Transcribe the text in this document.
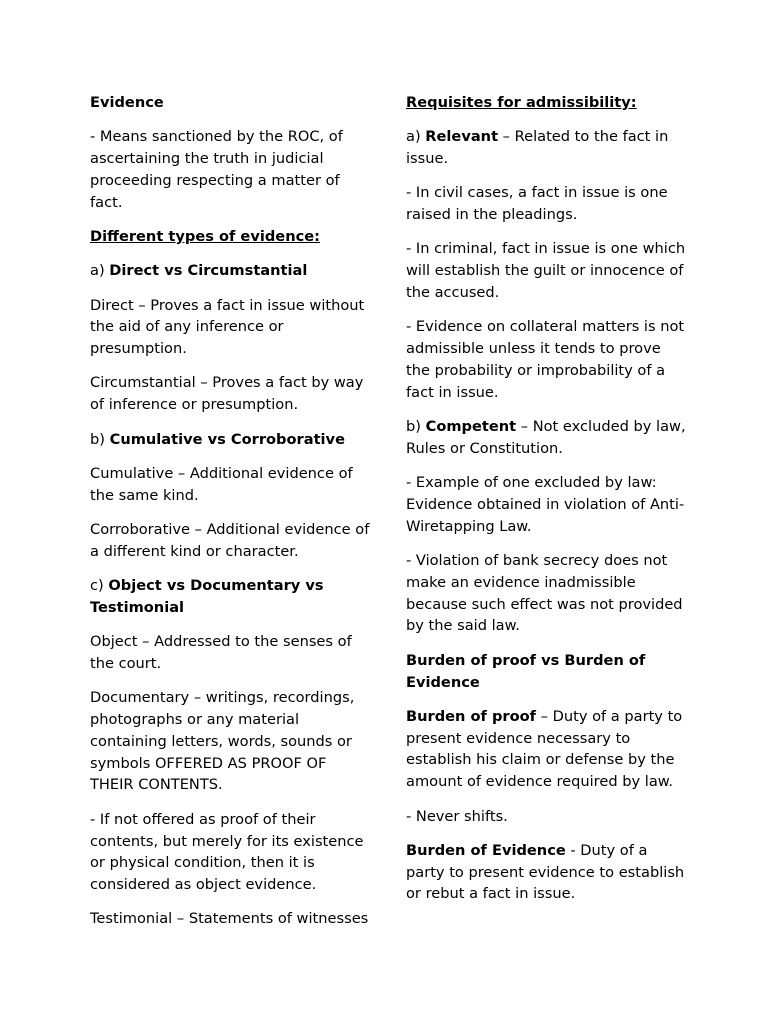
Evidence

- Means sanctioned by the ROC, of ascertaining the truth in judicial proceeding respecting a matter of fact.

Different types of evidence:

a) Direct vs Circumstantial

Direct – Proves a fact in issue without the aid of any inference or presumption.

Circumstantial – Proves a fact by way of inference or presumption.

b) Cumulative vs Corroborative

Cumulative – Additional evidence of the same kind.

Corroborative – Additional evidence of a different kind or character.

c) Object vs Documentary vs Testimonial

Object – Addressed to the senses of the court.

Documentary – writings, recordings, photographs or any material containing letters, words, sounds or symbols OFFERED AS PROOF OF THEIR CONTENTS.

- If not offered as proof of their contents, but merely for its existence or physical condition, then it is considered as object evidence.

Testimonial – Statements of witnesses

Requisites for admissibility:

a) Relevant – Related to the fact in issue.

- In civil cases, a fact in issue is one raised in the pleadings.

- In criminal, fact in issue is one which will establish the guilt or innocence of the accused.

- Evidence on collateral matters is not admissible unless it tends to prove the probability or improbability of a fact in issue.

b) Competent – Not excluded by law, Rules or Constitution.

- Example of one excluded by law: Evidence obtained in violation of Anti-Wiretapping Law.

- Violation of bank secrecy does not make an evidence inadmissible because such effect was not provided by the said law.

Burden of proof vs Burden of Evidence

Burden of proof – Duty of a party to present evidence necessary to establish his claim or defense by the amount of evidence required by law.

- Never shifts.

Burden of Evidence - Duty of a party to present evidence to establish or rebut a fact in issue.
